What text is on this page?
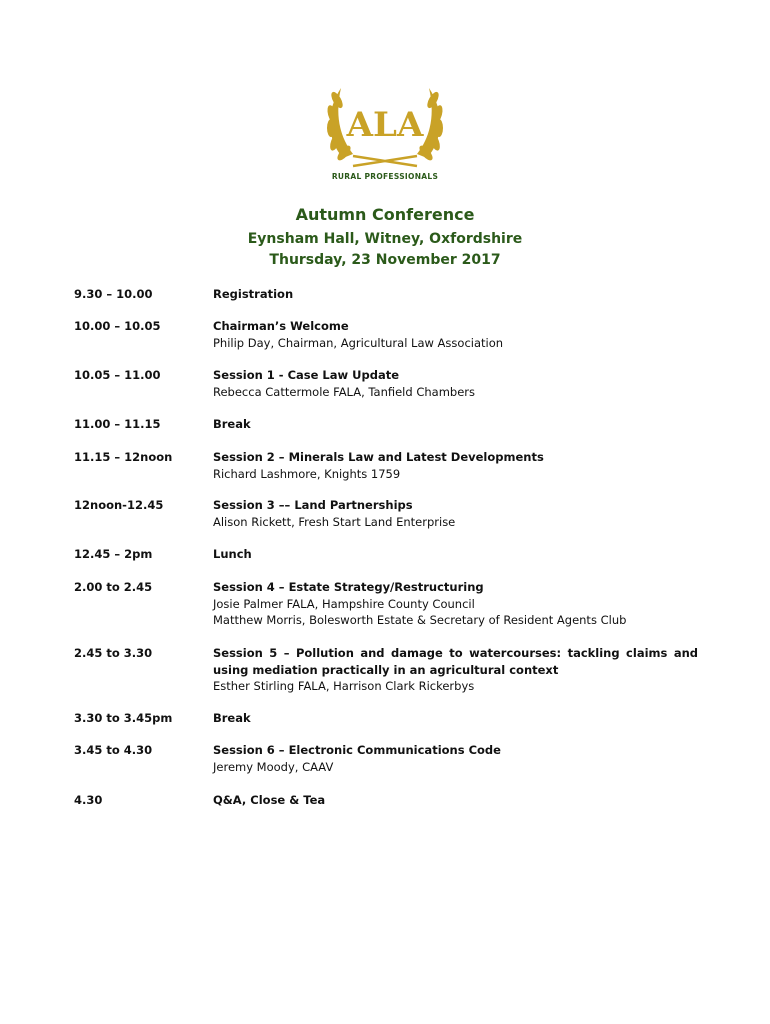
ALA
RURAL PROFESSIONALS
Autumn Conference
Eynsham Hall, Witney, Oxfordshire
Thursday, 23 November 2017
9.30 – 10.00	Registration
10.00 – 10.05	Chairman’s Welcome
Philip Day, Chairman, Agricultural Law Association
10.05 – 11.00	Session 1 - Case Law Update
Rebecca Cattermole FALA, Tanfield Chambers
11.00 – 11.15	Break
11.15 – 12noon	Session 2 – Minerals Law and Latest Developments
Richard Lashmore, Knights 1759
12noon-12.45	Session 3 –– Land Partnerships
Alison Rickett, Fresh Start Land Enterprise
12.45 – 2pm	Lunch
2.00 to 2.45	Session 4 – Estate Strategy/Restructuring
Josie Palmer FALA, Hampshire County Council
Matthew Morris, Bolesworth Estate & Secretary of Resident Agents Club
2.45 to 3.30	Session 5 – Pollution and damage to watercourses: tackling claims and using mediation practically in an agricultural context
Esther Stirling FALA, Harrison Clark Rickerbys
3.30 to 3.45pm	Break
3.45 to 4.30	Session 6 – Electronic Communications Code
Jeremy Moody, CAAV
4.30	Q&A, Close & Tea
